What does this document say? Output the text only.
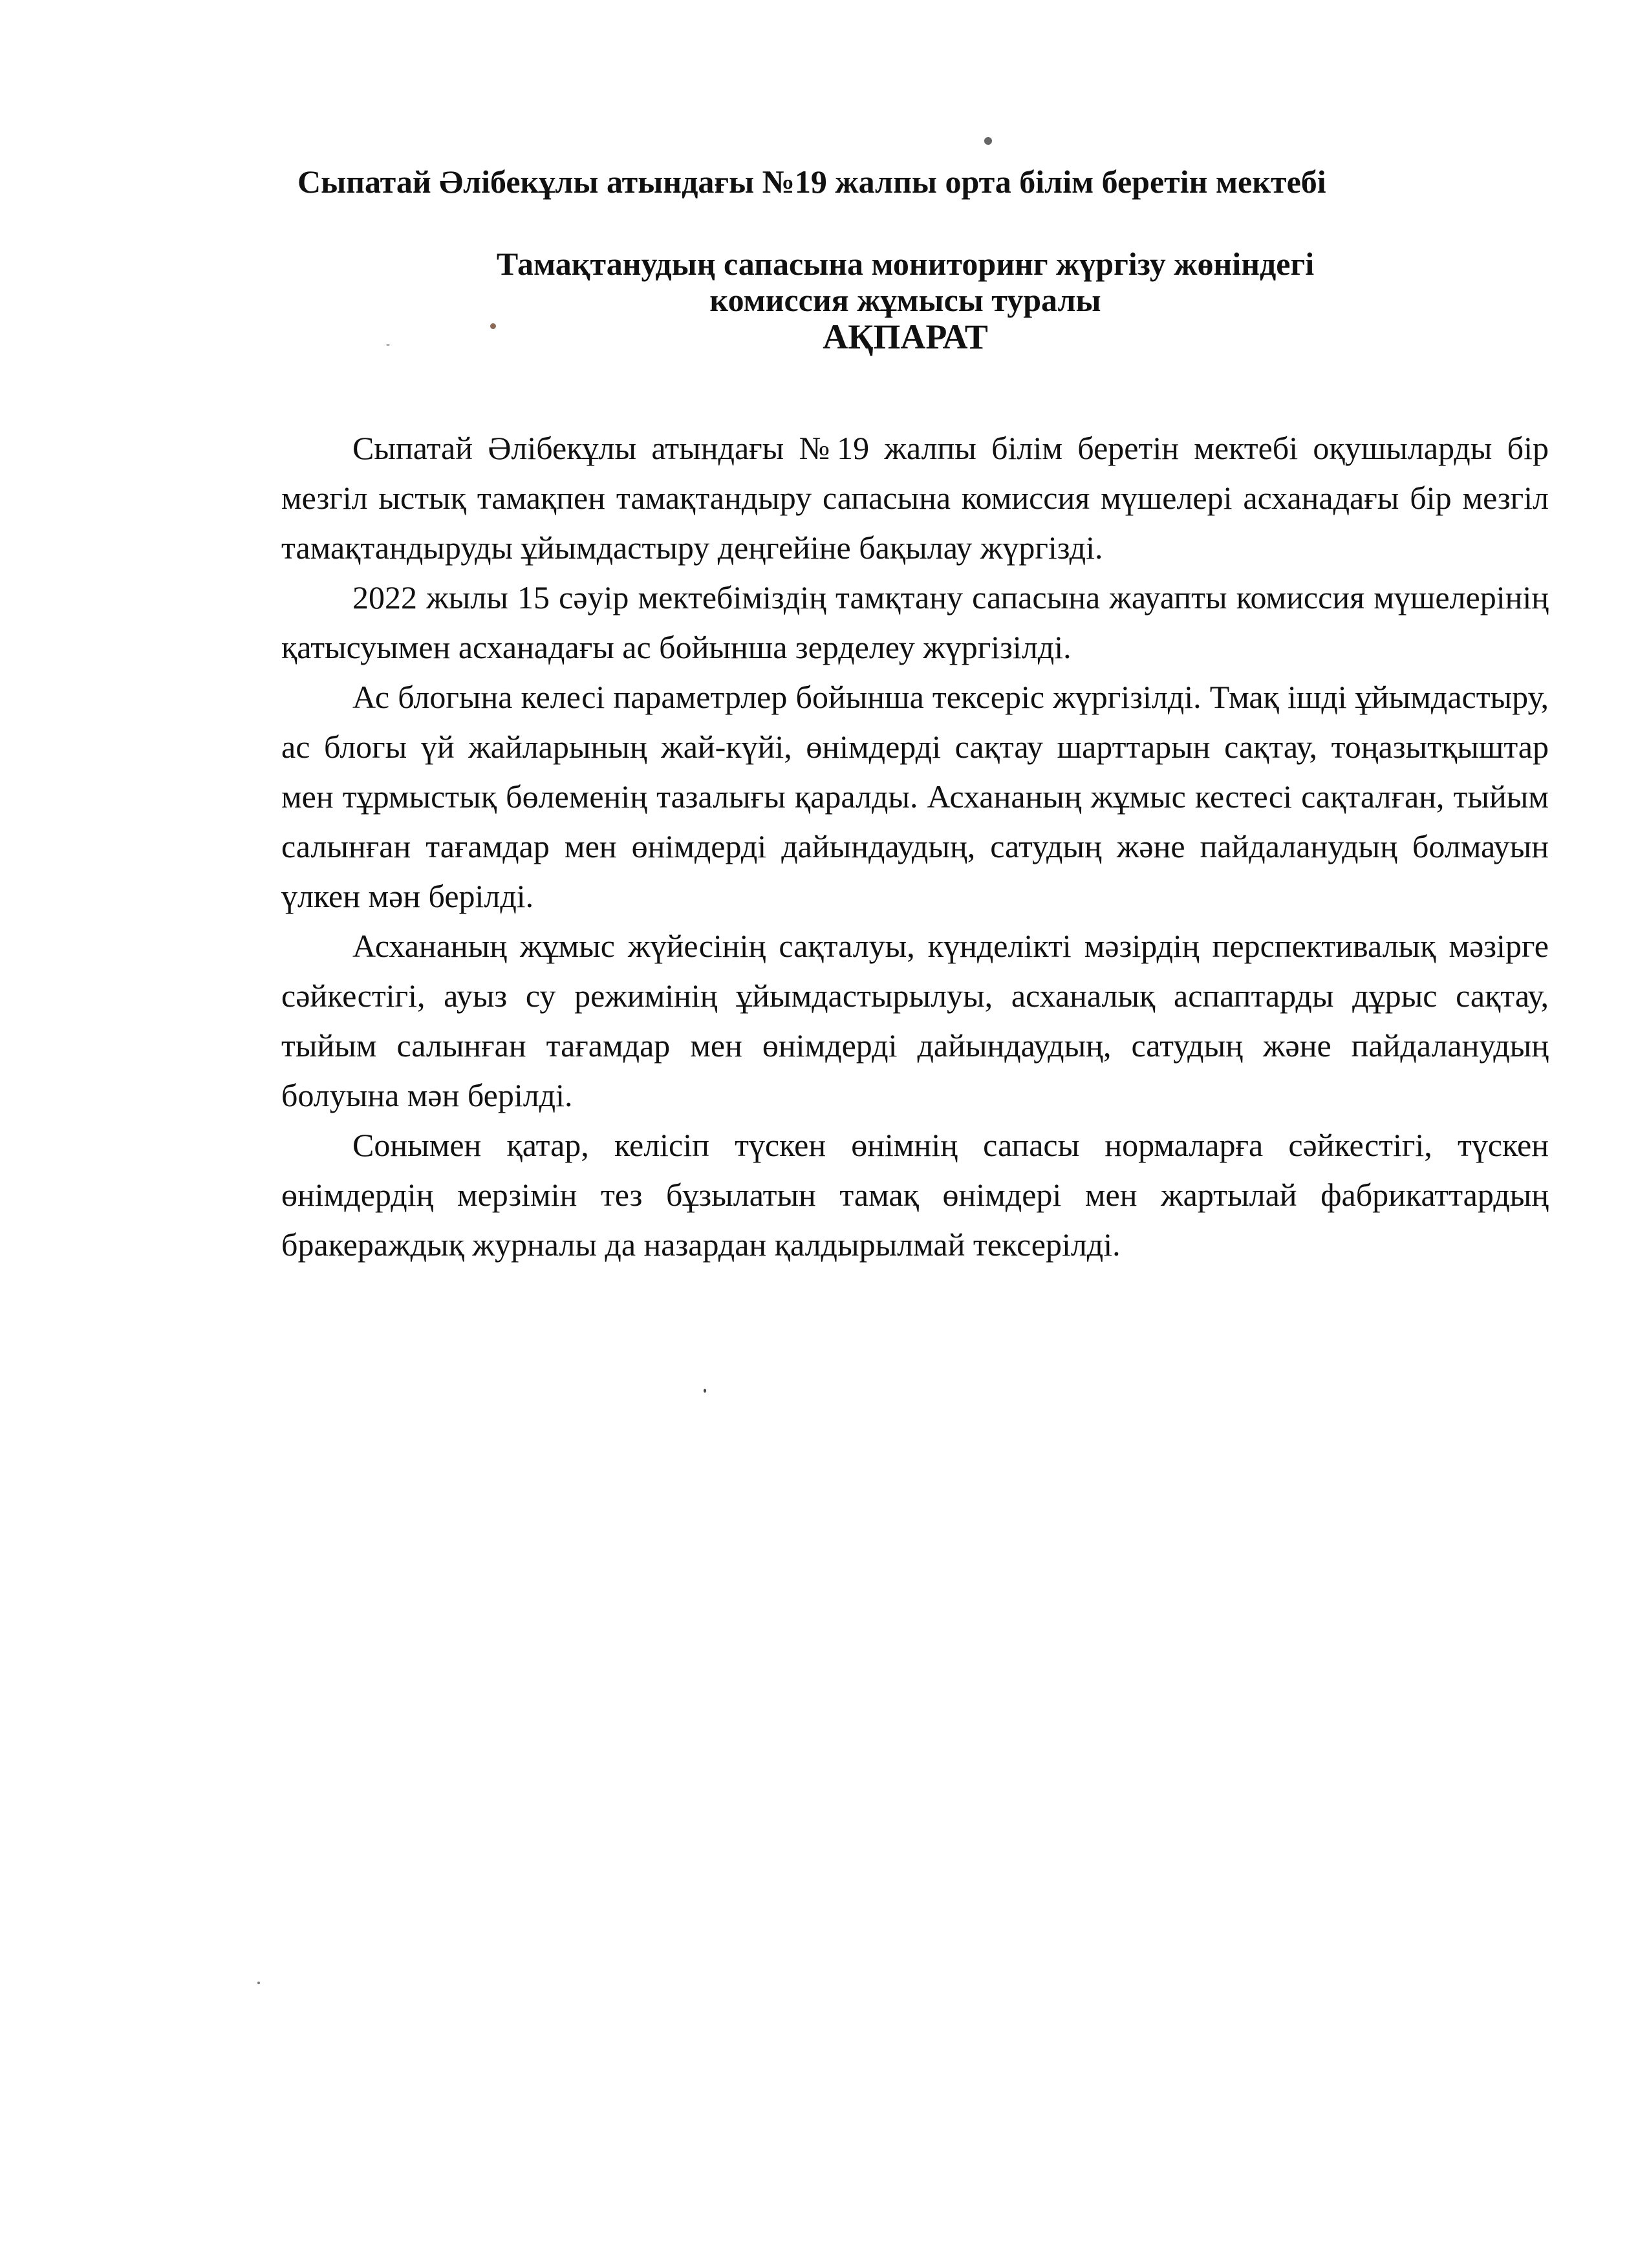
Сыпатай Әлібекұлы атындағы №19 жалпы орта білім беретін мектебі
Тамақтанудың сапасына мониторинг жүргізу жөніндегі
комиссия жұмысы туралы
АҚПАРАТ

Сыпатай Әлібекұлы атындағы №19 жалпы білім беретін мектебі оқушыларды бір мезгіл ыстық тамақпен тамақтандыру сапасына комиссия мүшелері асханадағы бір мезгіл тамақтандыруды ұйымдастыру деңгейіне бақылау жүргізді.

2022 жылы 15 сәуір мектебіміздің тамқтану сапасына жауапты комиссия мүшелерінің қатысуымен асханадағы ас бойынша зерделеу жүргізілді.

Ас блогына келесі параметрлер бойынша тексеріс жүргізілді. Тмақ ішді ұйымдастыру, ас блогы үй жайларының жай-күйі, өнімдерді сақтау шарттарын сақтау, тоңазытқыштар мен тұрмыстық бөлеменің тазалығы қаралды. Асхананың жұмыс кестесі сақталған, тыйым салынған тағамдар мен өнімдерді дайындаудың, сатудың және пайдаланудың болмауын үлкен мән берілді.

Асхананың жұмыс жүйесінің сақталуы, күнделікті мәзірдің перспективалық мәзірге сәйкестігі, ауыз су режимінің ұйымдастырылуы, асханалық аспаптарды дұрыс сақтау, тыйым салынған тағамдар мен өнімдерді дайындаудың, сатудың және пайдаланудың болуына мән берілді.

Сонымен қатар, келісіп түскен өнімнің сапасы нормаларға сәйкестігі, түскен өнімдердің мерзімін тез бұзылатын тамақ өнімдері мен жартылай фабрикаттардың бракераждық журналы да назардан қалдырылмай тексерілді.
